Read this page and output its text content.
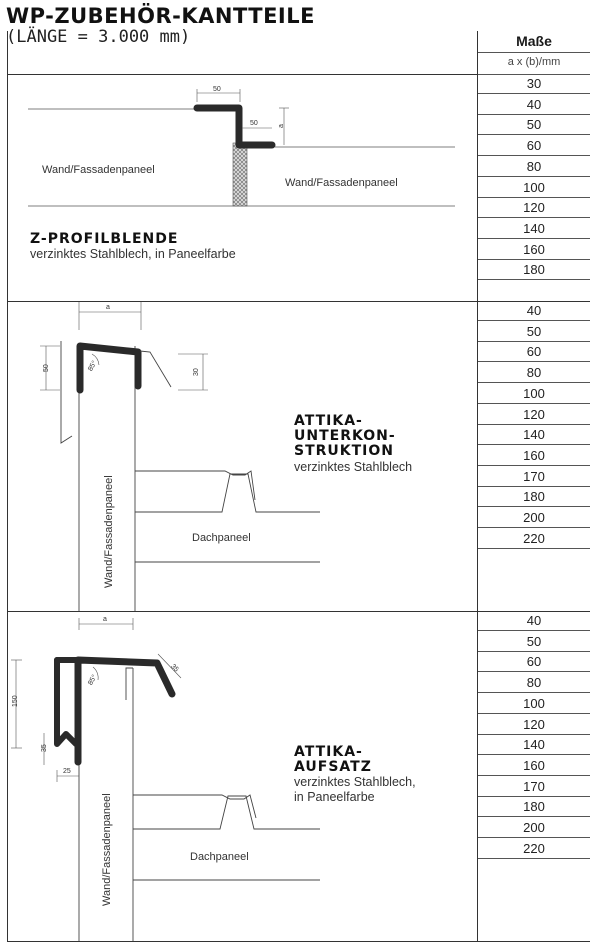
WP-ZUBEHÖR-KANTTEILE
(LÄNGE = 3.000 mm)	Maße
a x (b)/mm
30
40
50
60
80
100
120
140
160
180
40
50
60
80
100
120
140
160
170
180
200
220
40
50
60
80
100
120
140
160
170
180
200
220
Z-PROFILBLENDE
verzinktes Stahlblech, in Paneelfarbe
ATTIKA-
UNTERKON-
STRUKTION
verzinktes Stahlblech
ATTIKA-
AUFSATZ
verzinktes Stahlblech,
in Paneelfarbe
50
50	a
Wand/Fassadenpaneel
Wand/Fassadenpaneel
85°
a
50
30
Dachpaneel
Wand/Fassadenpaneel
85°
a
150
35
25
35
Dachpaneel
Wand/Fassadenpaneel
